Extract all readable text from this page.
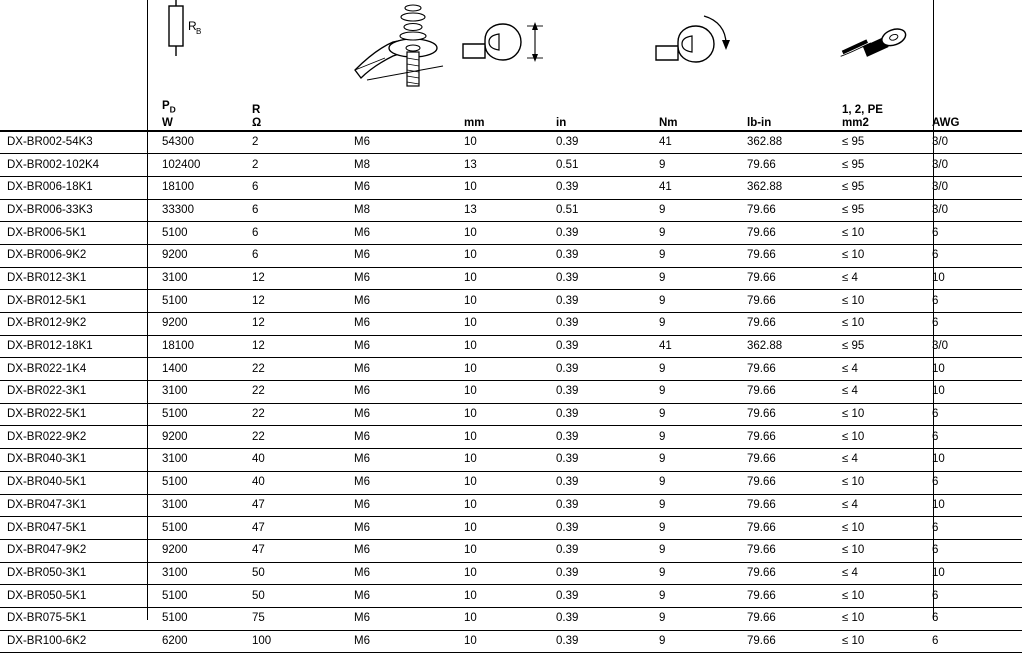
R B
$P_D$
W

R
Ω		mm	in	Nm	lb-in

1, 2, PE
mm2	AWG

DX-BR002-54K3	54300	2	M6	10	0.39	41	362.88	≤ 95	3/0
DX-BR002-102K4	102400	2	M8	13	0.51	9	79.66	≤ 95	3/0
DX-BR006-18K1	18100	6	M6	10	0.39	41	362.88	≤ 95	3/0
DX-BR006-33K3	33300	6	M8	13	0.51	9	79.66	≤ 95	3/0
DX-BR006-5K1	5100	6	M6	10	0.39	9	79.66	≤ 10	6
DX-BR006-9K2	9200	6	M6	10	0.39	9	79.66	≤ 10	6
DX-BR012-3K1	3100	12	M6	10	0.39	9	79.66	≤ 4	10
DX-BR012-5K1	5100	12	M6	10	0.39	9	79.66	≤ 10	6
DX-BR012-9K2	9200	12	M6	10	0.39	9	79.66	≤ 10	6
DX-BR012-18K1	18100	12	M6	10	0.39	41	362.88	≤ 95	3/0
DX-BR022-1K4	1400	22	M6	10	0.39	9	79.66	≤ 4	10
DX-BR022-3K1	3100	22	M6	10	0.39	9	79.66	≤ 4	10
DX-BR022-5K1	5100	22	M6	10	0.39	9	79.66	≤ 10	6
DX-BR022-9K2	9200	22	M6	10	0.39	9	79.66	≤ 10	6
DX-BR040-3K1	3100	40	M6	10	0.39	9	79.66	≤ 4	10
DX-BR040-5K1	5100	40	M6	10	0.39	9	79.66	≤ 10	6
DX-BR047-3K1	3100	47	M6	10	0.39	9	79.66	≤ 4	10
DX-BR047-5K1	5100	47	M6	10	0.39	9	79.66	≤ 10	6
DX-BR047-9K2	9200	47	M6	10	0.39	9	79.66	≤ 10	6
DX-BR050-3K1	3100	50	M6	10	0.39	9	79.66	≤ 4	10
DX-BR050-5K1	5100	50	M6	10	0.39	9	79.66	≤ 10	6
DX-BR075-5K1	5100	75	M6	10	0.39	9	79.66	≤ 10	6
DX-BR100-6K2	6200	100	M6	10	0.39	9	79.66	≤ 10	6
